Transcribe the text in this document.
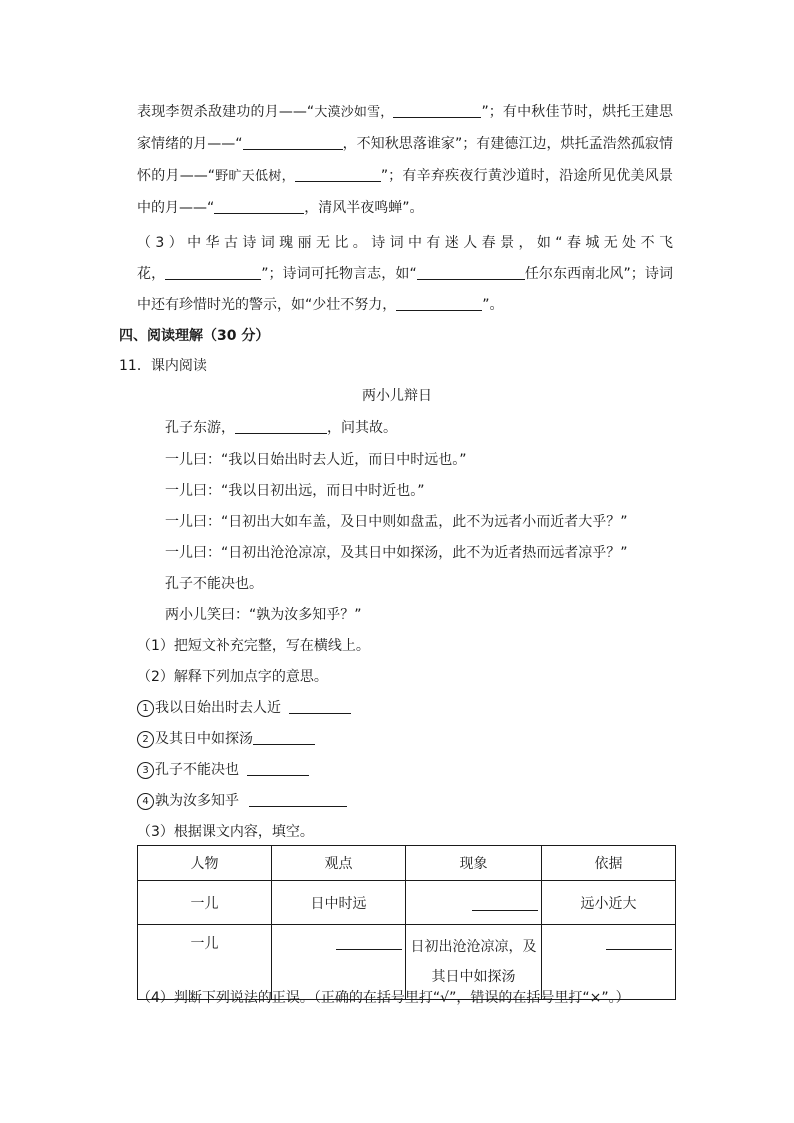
表现李贺杀敌建功的月——“大漠沙如雪，	”；有中秋佳节时，烘托王建思
家情绪的月——“	，不知秋思落谁家”；有建德江边，烘托孟浩然孤寂情
怀的月——“野旷天低树，	”；有辛弃疾夜行黄沙道时，沿途所见优美风景
中的月——“	，清风半夜鸣蝉”。
（3）中华古诗词瑰丽无比。诗词中有迷人春景，如“春城无处不飞
花，	”；诗词可托物言志，如“	任尔东西南北风”；诗词
中还有珍惜时光的警示，如“少壮不努力，	”。
四、阅读理解（30 分）
11．课内阅读
两小儿辩日
孔子东游，	，问其故。
一儿曰：“我以日始出时去人近，而日中时远也。”
一儿曰：“我以日初出远，而日中时近也。”
一儿曰：“日初出大如车盖，及日中则如盘盂，此不为远者小而近者大乎？”
一儿曰：“日初出沧沧凉凉，及其日中如探汤，此不为近者热而远者凉乎？”
孔子不能决也。
两小儿笑曰：“孰为汝多知乎？”
（1）把短文补充完整，写在横线上。
（2）解释下列加点字的意思。
1 我以日始出时去人近
2 及其日中如探汤
3 孔子不能决也
4 孰为汝多知乎
（3）根据课文内容，填空。
人物	观点	现象	依据
一儿	日中时远		远小近大
一儿		日初出沧沧凉凉，及
其日中如探汤	

（4）判断下列说法的正误。（正确的在括号里打“√”，错误的在括号里打“×”。）
